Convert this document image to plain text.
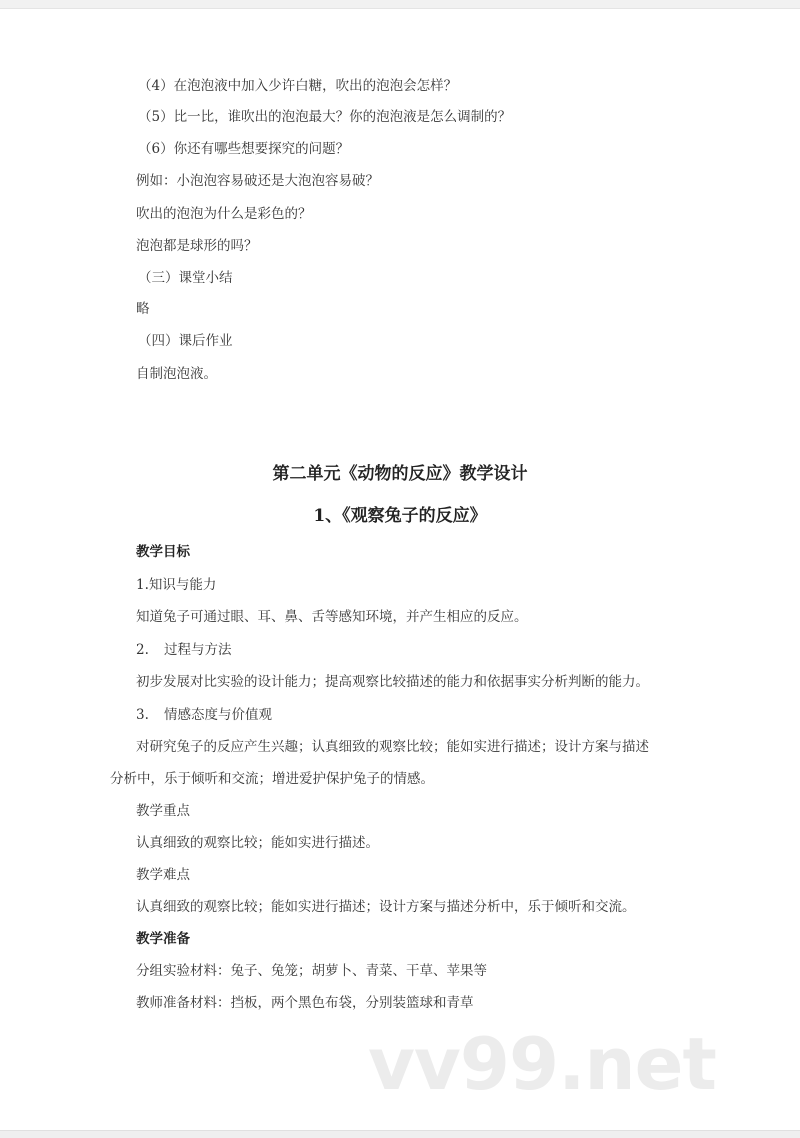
（4）在泡泡液中加入少许白糖，吹出的泡泡会怎样？
（5）比一比，谁吹出的泡泡最大？你的泡泡液是怎么调制的？
（6）你还有哪些想要探究的问题？
例如：小泡泡容易破还是大泡泡容易破？
吹出的泡泡为什么是彩色的？
泡泡都是球形的吗？
（三）课堂小结
略
（四）课后作业
自制泡泡液。
第二单元《动物的反应》教学设计
1、《观察兔子的反应》
教学目标
1.知识与能力
知道兔子可通过眼、耳、鼻、舌等感知环境，并产生相应的反应。
2. 过程与方法
初步发展对比实验的设计能力；提高观察比较描述的能力和依据事实分析判断的能力。
3. 情感态度与价值观
对研究兔子的反应产生兴趣；认真细致的观察比较；能如实进行描述；设计方案与描述
分析中，乐于倾听和交流；增进爱护保护兔子的情感。
教学重点
认真细致的观察比较；能如实进行描述。
教学难点
认真细致的观察比较；能如实进行描述；设计方案与描述分析中，乐于倾听和交流。
教学准备
分组实验材料：兔子、兔笼；胡萝卜、青菜、干草、苹果等
教师准备材料：挡板，两个黑色布袋，分别装篮球和青草
vv99.net
